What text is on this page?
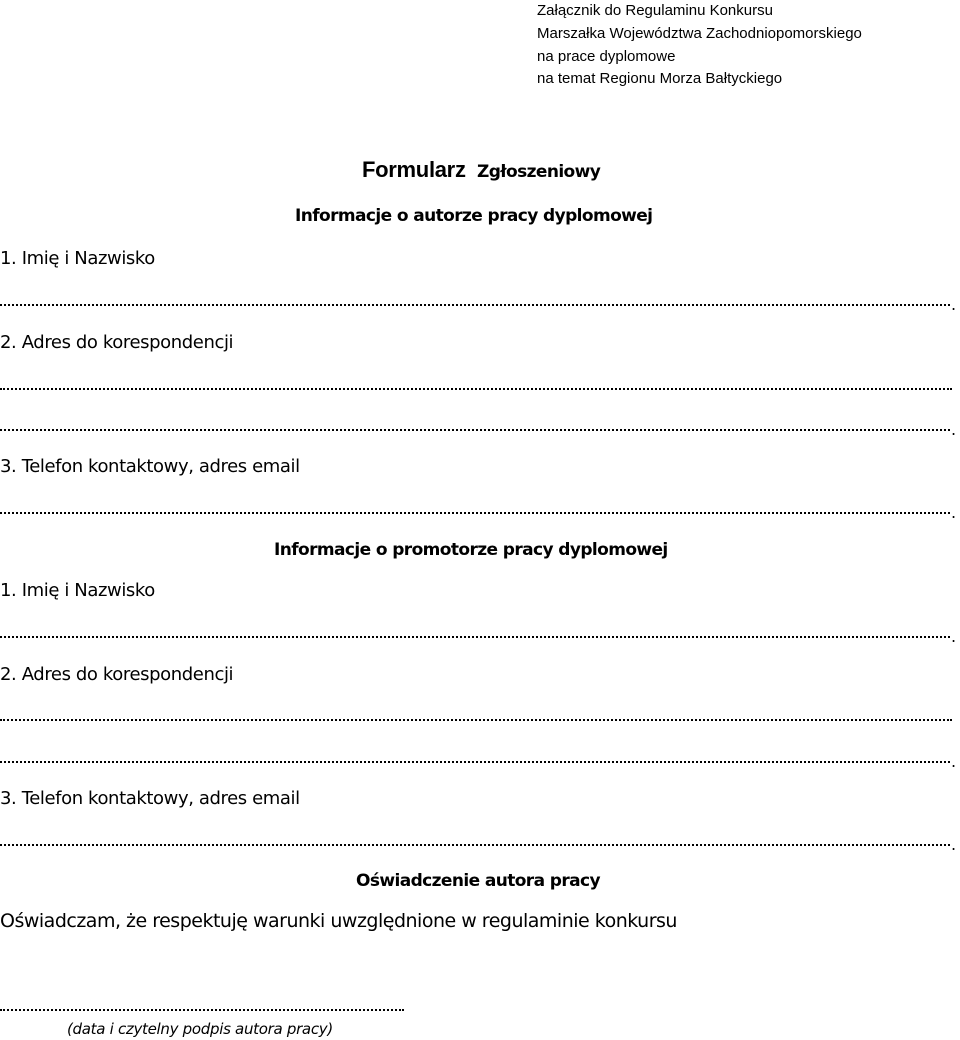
Załącznik do Regulaminu Konkursu
Marszałka Województwa Zachodniopomorskiego
na prace dyplomowe
na temat Regionu Morza Bałtyckiego
Formularz Zgłoszeniowy
Informacje o autorze pracy dyplomowej
1. Imię i Nazwisko
.
2. Adres do korespondencji
.
3. Telefon kontaktowy, adres email
.
Informacje o promotorze pracy dyplomowej
1. Imię i Nazwisko
.
2. Adres do korespondencji
.
3. Telefon kontaktowy, adres email
.
Oświadczenie autora pracy
Oświadczam, że respektuję warunki uwzględnione w regulaminie konkursu
(data i czytelny podpis autora pracy)
